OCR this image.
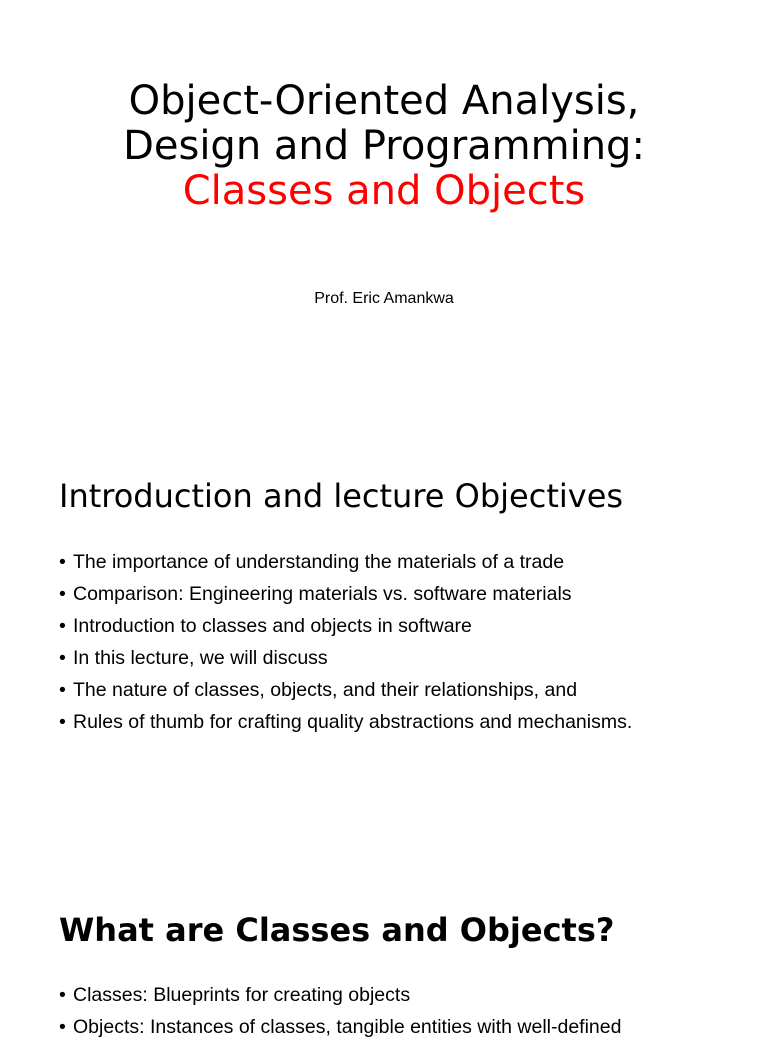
Object-Oriented Analysis,
Design and Programming:
Classes and Objects
Prof. Eric Amankwa
Introduction and lecture Objectives
• The importance of understanding the materials of a trade
• Comparison: Engineering materials vs. software materials
• Introduction to classes and objects in software
• In this lecture, we will discuss
• The nature of classes, objects, and their relationships, and
• Rules of thumb for crafting quality abstractions and mechanisms.
What are Classes and Objects?
• Classes: Blueprints for creating objects
• Objects: Instances of classes, tangible entities with well-defined
